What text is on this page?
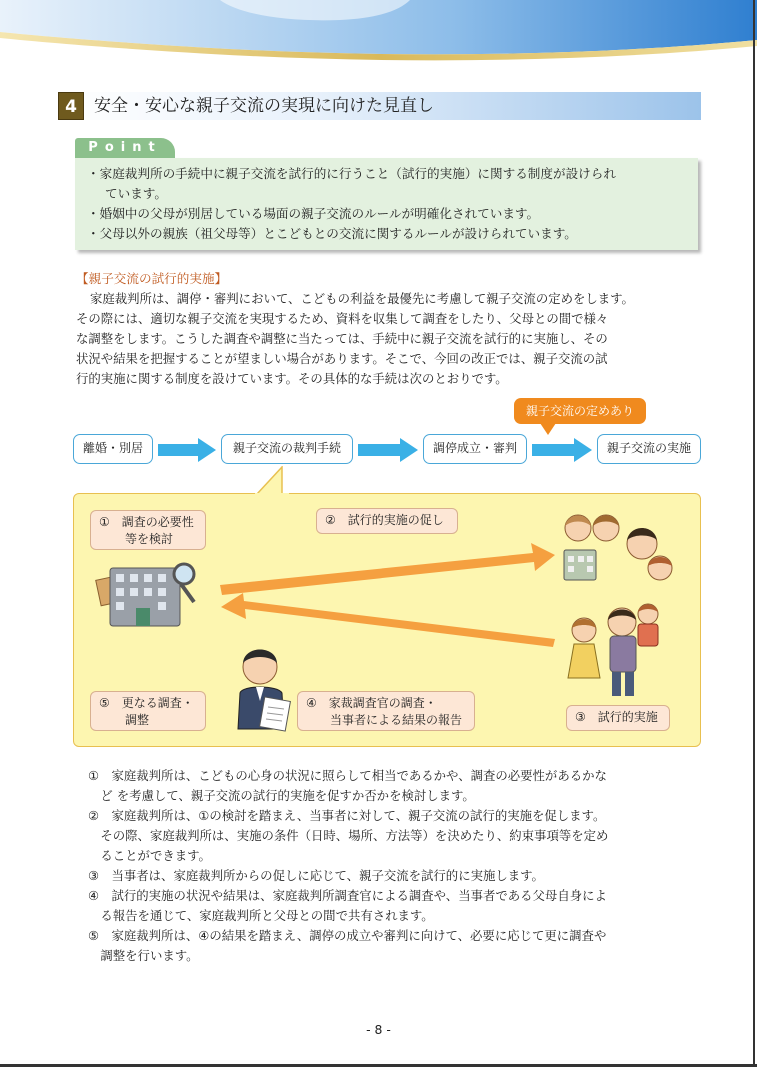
4	安全・安心な親子交流の実現に向けた見直し
Point
・家庭裁判所の手続中に親子交流を試行的に行うこと（試行的実施）に関する制度が設けられ
ています。
・婚姻中の父母が別居している場面の親子交流のルールが明確化されています。
・父母以外の親族（祖父母等）とこどもとの交流に関するルールが設けられています。
【親子交流の試行的実施】
家庭裁判所は、調停・審判において、こどもの利益を最優先に考慮して親子交流の定めをします。
その際には、適切な親子交流を実現するため、資料を収集して調査をしたり、父母との間で様々
な調整をします。こうした調査や調整に当たっては、手続中に親子交流を試行的に実施し、その
状況や結果を把握することが望ましい場合があります。そこで、今回の改正では、親子交流の試
行的実施に関する制度を設けています。その具体的な手続は次のとおりです。
親子交流の定めあり
離婚・別居	親子交流の裁判手続	調停成立・審判	親子交流の実施
①　調査の必要性
等を検討
②　試行的実施の促し
③　試行的実施
④　家裁調査官の調査・
当事者による結果の報告
⑤　更なる調査・
調整
①　家庭裁判所は、こどもの心身の状況に照らして相当であるかや、調査の必要性があるかな
　ど を考慮して、親子交流の試行的実施を促すか否かを検討します。
②　家庭裁判所は、①の検討を踏まえ、当事者に対して、親子交流の試行的実施を促します。
　その際、家庭裁判所は、実施の条件（日時、場所、方法等）を決めたり、約束事項等を定め
　ることができます。
③　当事者は、家庭裁判所からの促しに応じて、親子交流を試行的に実施します。
④　試行的実施の状況や結果は、家庭裁判所調査官による調査や、当事者である父母自身によ
　る報告を通じて、家庭裁判所と父母との間で共有されます。
⑤　家庭裁判所は、④の結果を踏まえ、調停の成立や審判に向けて、必要に応じて更に調査や
　調整を行います。
- 8 -
